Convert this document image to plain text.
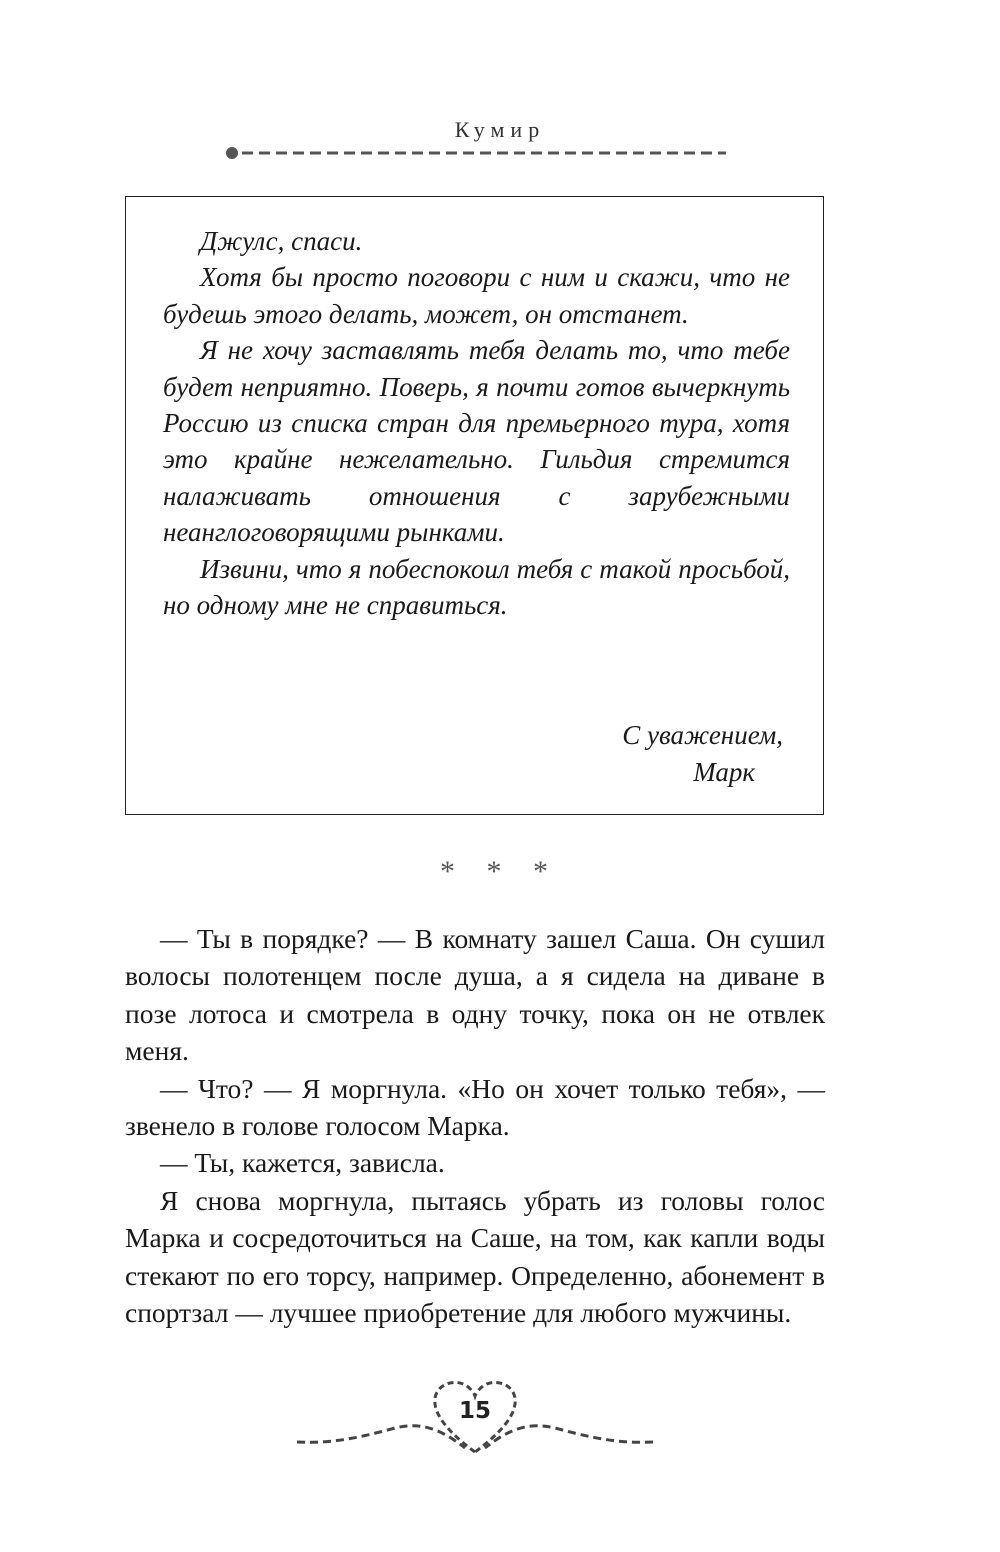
Кумир

Джулс, спаси.

Хотя бы просто поговори с ним и скажи, что не будешь этого делать, может, он отстанет.

Я не хочу заставлять тебя делать то, что тебе будет неприятно. Поверь, я почти готов вычеркнуть Россию из списка стран для премьерного тура, хотя это крайне нежелательно. Гильдия стремится налаживать отношения с зарубежными неанглоговорящими рынками.

Извини, что я побеспокоил тебя с такой просьбой, но одному мне не справиться.

С уважением,
Марк
* * *

— Ты в порядке? — В комнату зашел Саша. Он сушил волосы полотенцем после душа, а я сидела на диване в позе лотоса и смотрела в одну точку, пока он не отвлек меня.

— Что? — Я моргнула. «Но он хочет только тебя», — звенело в голове голосом Марка.

— Ты, кажется, зависла.

Я снова моргнула, пытаясь убрать из головы голос Марка и сосредоточиться на Саше, на том, как капли воды стекают по его торсу, например. Определенно, абонемент в спортзал — лучшее приобретение для любого мужчины.

15
